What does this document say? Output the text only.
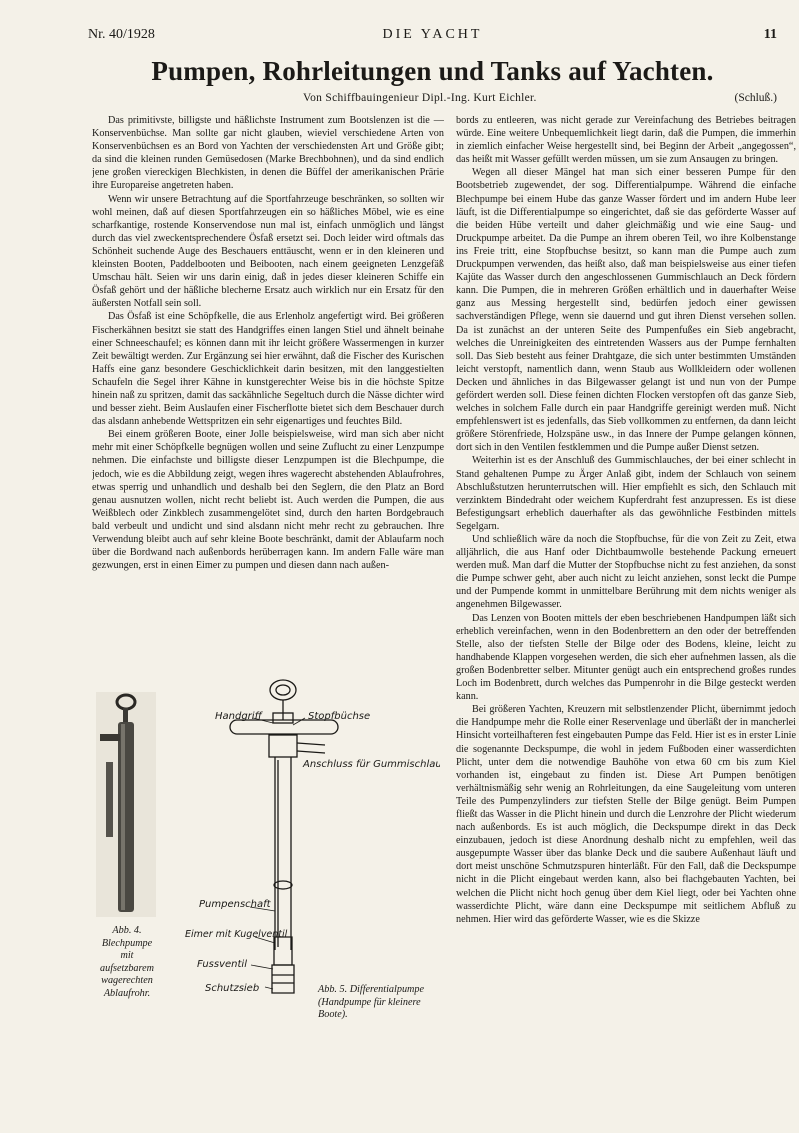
Nr. 40/1928	DIE YACHT	11
Pumpen, Rohrleitungen und Tanks auf Yachten.
Von Schiffbauingenieur Dipl.-Ing. Kurt Eichler.	(Schluß.)

Das primitivste, billigste und häßlichste Instrument zum Bootslenzen ist die — Konservenbüchse. Man sollte gar nicht glauben, wieviel verschiedene Arten von Konservenbüchsen es an Bord von Yachten der verschiedensten Art und Größe gibt; da sind die kleinen runden Gemüsedosen (Marke Brechbohnen), und da sind endlich jene großen viereckigen Blechkisten, in denen die Büffel der amerikanischen Prärie ihre Europareise angetreten haben.

Wenn wir unsere Betrachtung auf die Sportfahrzeuge beschränken, so sollten wir wohl meinen, daß auf diesen Sportfahrzeugen ein so häßliches Möbel, wie es eine scharfkantige, rostende Konservendose nun mal ist, einfach unmöglich und längst durch das viel zweckentsprechendere Ösfaß ersetzt sei. Doch leider wird oftmals das Schönheit suchende Auge des Beschauers enttäuscht, wenn er in den kleineren und kleinsten Booten, Paddelbooten und Beibooten, nach einem geeigneten Lenzgefäß Umschau hält. Seien wir uns darin einig, daß in jedes dieser kleineren Schiffe ein Ösfaß gehört und der häßliche blecherne Ersatz auch wirklich nur ein Ersatz für den äußersten Notfall sein soll.

Das Ösfaß ist eine Schöpfkelle, die aus Erlenholz angefertigt wird. Bei größeren Fischerkähnen besitzt sie statt des Handgriffes einen langen Stiel und ähnelt beinahe einer Schneeschaufel; es können dann mit ihr leicht größere Wassermengen in kurzer Zeit bewältigt werden. Zur Ergänzung sei hier erwähnt, daß die Fischer des Kurischen Haffs eine ganz besondere Geschicklichkeit darin besitzen, mit den langgestielten Schaufeln die Segel ihrer Kähne in kunstgerechter Weise bis in die höchste Spitze hinein naß zu spritzen, damit das sackähnliche Segeltuch durch die Nässe dichter wird und besser zieht. Beim Auslaufen einer Fischerflotte bietet sich dem Beschauer durch das alsdann anhebende Wettspritzen ein sehr eigenartiges und feuchtes Bild.

Bei einem größeren Boote, einer Jolle beispielsweise, wird man sich aber nicht mehr mit einer Schöpfkelle begnügen wollen und seine Zuflucht zu einer Lenzpumpe nehmen. Die einfachste und billigste dieser Lenzpumpen ist die Blechpumpe, die jedoch, wie es die Abbildung zeigt, wegen ihres wagerecht abstehenden Ablaufrohres, etwas sperrig und unhandlich und deshalb bei den Seglern, die den Platz an Bord genau ausnutzen wollen, nicht recht beliebt ist. Auch werden die Pumpen, die aus Weißblech oder Zinkblech zusammengelötet sind, durch den harten Bordgebrauch bald verbeult und undicht und sind alsdann nicht mehr recht zu gebrauchen. Ihre Verwendung bleibt auch auf sehr kleine Boote beschränkt, damit der Ablaufarm noch über die Bordwand nach außenbords herüberragen kann. Im andern Falle wäre man gezwungen, erst in einen Eimer zu pumpen und diesen dann nach außen-

bords zu entleeren, was nicht gerade zur Vereinfachung des Betriebes beitragen würde. Eine weitere Unbequemlichkeit liegt darin, daß die Pumpen, die immerhin in ziemlich einfacher Weise hergestellt sind, bei Beginn der Arbeit „angegossen“, das heißt mit Wasser gefüllt werden müssen, um sie zum Ansaugen zu bringen.

Wegen all dieser Mängel hat man sich einer besseren Pumpe für den Bootsbetrieb zugewendet, der sog. Differentialpumpe. Während die einfache Blechpumpe bei einem Hube das ganze Wasser fördert und im andern Hube leer läuft, ist die Differentialpumpe so eingerichtet, daß sie das geförderte Wasser auf die beiden Hübe verteilt und daher gleichmäßig und wie eine Saug- und Druckpumpe arbeitet. Da die Pumpe an ihrem oberen Teil, wo ihre Kolbenstange ins Freie tritt, eine Stopfbuchse besitzt, so kann man die Pumpe auch zum Druckpumpen verwenden, das heißt also, daß man beispielsweise aus einer tiefen Kajüte das Wasser durch den angeschlossenen Gummischlauch an Deck fördern kann. Die Pumpen, die in mehreren Größen erhältlich und in dauerhafter Weise ganz aus Messing hergestellt sind, bedürfen jedoch einer gewissen sachverständigen Pflege, wenn sie dauernd und gut ihren Dienst versehen sollen. Da ist zunächst an der unteren Seite des Pumpenfußes ein Sieb angebracht, welches die Unreinigkeiten des eintretenden Wassers aus der Pumpe fernhalten soll. Das Sieb besteht aus feiner Drahtgaze, die sich unter bestimmten Umständen leicht verstopft, namentlich dann, wenn Staub aus Wollkleidern oder wollenen Decken und ähnliches in das Bilgewasser gelangt ist und nun von der Pumpe gefördert werden soll. Diese feinen dichten Flocken verstopfen oft das ganze Sieb, welches in solchem Falle durch ein paar Handgriffe gereinigt werden muß. Nicht empfehlenswert ist es jedenfalls, das Sieb vollkommen zu entfernen, da dann leicht größere Störenfriede, Holzspäne usw., in das Innere der Pumpe gelangen können, dort sich in den Ventilen festklemmen und die Pumpe außer Dienst setzen.

Weiterhin ist es der Anschluß des Gummischlauches, der bei einer schlecht in Stand gehaltenen Pumpe zu Ärger Anlaß gibt, indem der Schlauch von seinem Abschlußstutzen herunterrutschen will. Hier empfiehlt es sich, den Schlauch mit verzinktem Bindedraht oder weichem Kupferdraht fest anzupressen. Es ist diese Befestigungsart erheblich dauerhafter als das gewöhnliche Festbinden mittels Segelgarn.

Und schließlich wäre da noch die Stopfbuchse, für die von Zeit zu Zeit, etwa alljährlich, die aus Hanf oder Dichtbaumwolle bestehende Packung erneuert werden muß. Man darf die Mutter der Stopfbuchse nicht zu fest anziehen, da sonst die Pumpe schwer geht, aber auch nicht zu leicht anziehen, sonst leckt die Pumpe und der Pumpende kommt in unmittelbare Berührung mit dem nichts weniger als angenehmen Bilgewasser.

Das Lenzen von Booten mittels der eben beschriebenen Handpumpen läßt sich erheblich vereinfachen, wenn in den Bodenbrettern an den oder der betreffenden Stelle, also der tiefsten Stelle der Bilge oder des Bodens, kleine, leicht zu handhabende Klappen vorgesehen werden, die sich eher aufnehmen lassen, als die großen Bodenbretter selber. Mitunter genügt auch ein entsprechend großes rundes Loch im Bodenbrett, durch welches das Pumpenrohr in die Bilge gesteckt werden kann.

Bei größeren Yachten, Kreuzern mit selbstlenzender Plicht, übernimmt jedoch die Handpumpe mehr die Rolle einer Reservenlage und überläßt der in mancherlei Hinsicht vorteilhafteren fest eingebauten Pumpe das Feld. Hier ist es in erster Linie die sogenannte Deckspumpe, die wohl in jedem Fußboden einer wasserdichten Plicht, unter dem die notwendige Bauhöhe von etwa 60 cm bis zum Kiel vorhanden ist, eingebaut zu finden ist. Diese Art Pumpen benötigen verhältnismäßig sehr wenig an Rohrleitungen, da eine Saugeleitung vom unteren Teile des Pumpenzylinders zur tiefsten Stelle der Bilge genügt. Beim Pumpen fließt das Wasser in die Plicht hinein und durch die Lenzrohre der Plicht wiederum nach außenbords. Es ist auch möglich, die Deckspumpe direkt in das Deck einzubauen, jedoch ist diese Anordnung deshalb nicht zu empfehlen, weil das ausgepumpte Wasser über das blanke Deck und die saubere Außenhaut läuft und dort meist unschöne Schmutzspuren hinterläßt. Für den Fall, daß die Deckspumpe nicht in die Plicht eingebaut werden kann, also bei flachgebauten Yachten, bei welchen die Plicht nicht hoch genug über dem Kiel liegt, oder bei Yachten ohne wasserdichte Plicht, wäre dann eine Deckspumpe mit seitlichem Abfluß zu nehmen. Hier wird das geförderte Wasser, wie es die Skizze

Abb. 4. Blechpumpe mit aufsetzbarem wagerechten Ablaufrohr.
Handgriff	Stopfbüchse
Anschluss für Gummischlauch
Pumpenschaft
Eimer mit Kugelventil
Fussventil
Schutzsieb	Abb. 5. Differentialpumpe (Handpumpe für kleinere Boote).
